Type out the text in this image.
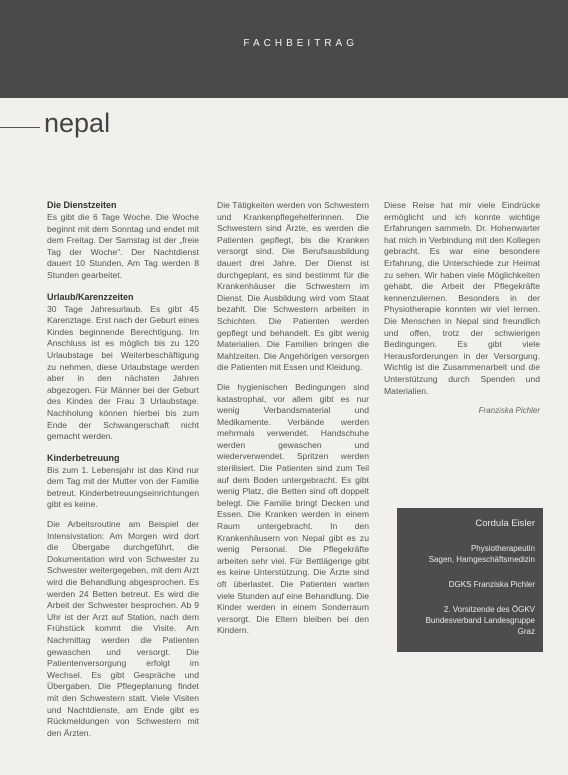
FACHBEITRAG
nepal
Die Dienstzeiten

Es gibt die 6 Tage Woche. Die Woche beginnt mit dem Sonntag und endet mit dem Freitag. Der Samstag ist der „freie Tag der Woche“. Der Nachtdienst dauert 10 Stunden, Am Tag werden 8 Stunden gearbeitet.

Urlaub/Karenzzeiten

30 Tage Jahresurlaub. Es gibt 45 Karenztage. Erst nach der Geburt eines Kindes beginnende Berechtigung. Im Anschluss ist es möglich bis zu 120 Urlaubstage bei Weiterbeschäftigung zu nehmen, diese Urlaubstage werden aber in den nächsten Jahren abgezogen. Für Männer bei der Geburt des Kindes der Frau 3 Urlaubstage. Nachholung können hierbei bis zum Ende der Schwangerschaft nicht gemacht werden.

Kinderbetreuung

Bis zum 1. Lebensjahr ist das Kind nur dem Tag mit der Mutter von der Familie betreut. Kinderbetreuungseinrichtungen gibt es keine.

Die Arbeitsroutine am Beispiel der Intensivstation: Am Morgen wird dort die Übergabe durchgeführt, die Dokumentation wird von Schwester zu Schwester weitergegeben, mit dem Arzt wird die Behandlung abgesprochen. Es werden 24 Betten betreut. Es wird die Arbeit der Schwester besprochen. Ab 9 Uhr ist der Arzt auf Station, nach dem Frühstück kommt die Visite. Am Nachmittag werden die Patienten gewaschen und versorgt. Die Patientenversorgung erfolgt im Wechsel. Es gibt Gespräche und Übergaben. Die Pflegeplanung findet mit den Schwestern statt. Viele Visiten und Nachtdienste, am Ende gibt es Rückmeldungen von Schwestern mit den Ärzten.

Die Tätigkeiten werden von Schwestern und Krankenpflegehelferinnen. Die Schwestern sind Ärzte, es werden die Patienten gepflegt, bis die Kranken versorgt sind. Die Berufsausbildung dauert drei Jahre. Der Dienst ist durchgeplant, es sind bestimmt für die Krankenhäuser die Schwestern im Dienst. Die Ausbildung wird vom Staat bezahlt. Die Schwestern arbeiten in Schichten. Die Patienten werden gepflegt und behandelt. Es gibt wenig Materialien. Die Familien bringen die Mahlzeiten. Die Angehörigen versorgen die Patienten mit Essen und Kleidung.

Die hygienischen Bedingungen sind katastrophal, vor allem gibt es nur wenig Verbandsmaterial und Medikamente. Verbände werden mehrmals verwendet. Handschuhe werden gewaschen und wiederverwendet. Spritzen werden sterilisiert. Die Patienten sind zum Teil auf dem Boden untergebracht. Es gibt wenig Platz, die Betten sind oft doppelt belegt. Die Familie bringt Decken und Essen. Die Kranken werden in einem Raum untergebracht. In den Krankenhäusern von Nepal gibt es zu wenig Personal. Die Pflegekräfte arbeiten sehr viel. Für Bettlägerige gibt es keine Unterstützung. Die Ärzte sind oft überlastet. Die Patienten warten viele Stunden auf eine Behandlung. Die Kinder werden in einem Sonderraum versorgt. Die Eltern bleiben bei den Kindern.

Diese Reise hat mir viele Eindrücke ermöglicht und ich konnte wichtige Erfahrungen sammeln. Dr. Hohenwarter hat mich in Verbindung mit den Kollegen gebracht. Es war eine besondere Erfahrung, die Unterschiede zur Heimat zu sehen. Wir haben viele Möglichkeiten gehabt, die Arbeit der Pflegekräfte kennenzulernen. Besonders in der Physiotherapie konnten wir viel lernen. Die Menschen in Nepal sind freundlich und offen, trotz der schwierigen Bedingungen. Es gibt viele Herausforderungen in der Versorgung. Wichtig ist die Zusammenarbeit und die Unterstützung durch Spenden und Materialien.

Franziska Pichler
Cordula Eisler
Physiotherapeutin
Sagen, Hamgeschäftsmedizin
DGKS Franziska Pichler
2. Vorsitzende des ÖGKV
Bundesverband Landesgruppe
Graz
